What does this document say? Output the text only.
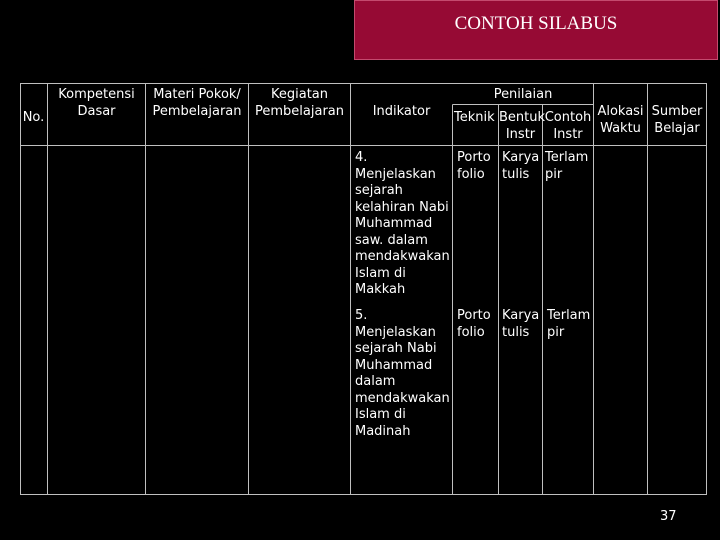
CONTOH SILABUS
No.
Kompetensi
Dasar
Materi Pokok/
Pembelajaran
Kegiatan
Pembelajaran	Indikator
Penilaian
Teknik Bentuk
Instr
Contoh
Instr
Alokasi
Waktu
Sumber
Belajar
4. Menjelaskan
sejarah
kelahiran Nabi
Muhammad
saw. dalam
mendakwakan
Islam di
Makkah
Porto
folio
Karya
tulis
Terlam
pir
5. Menjelaskan
sejarah Nabi
Muhammad
dalam
mendakwakan
Islam di
Madinah
Porto
folio
Karya
tulis
Terlam
pir
37
